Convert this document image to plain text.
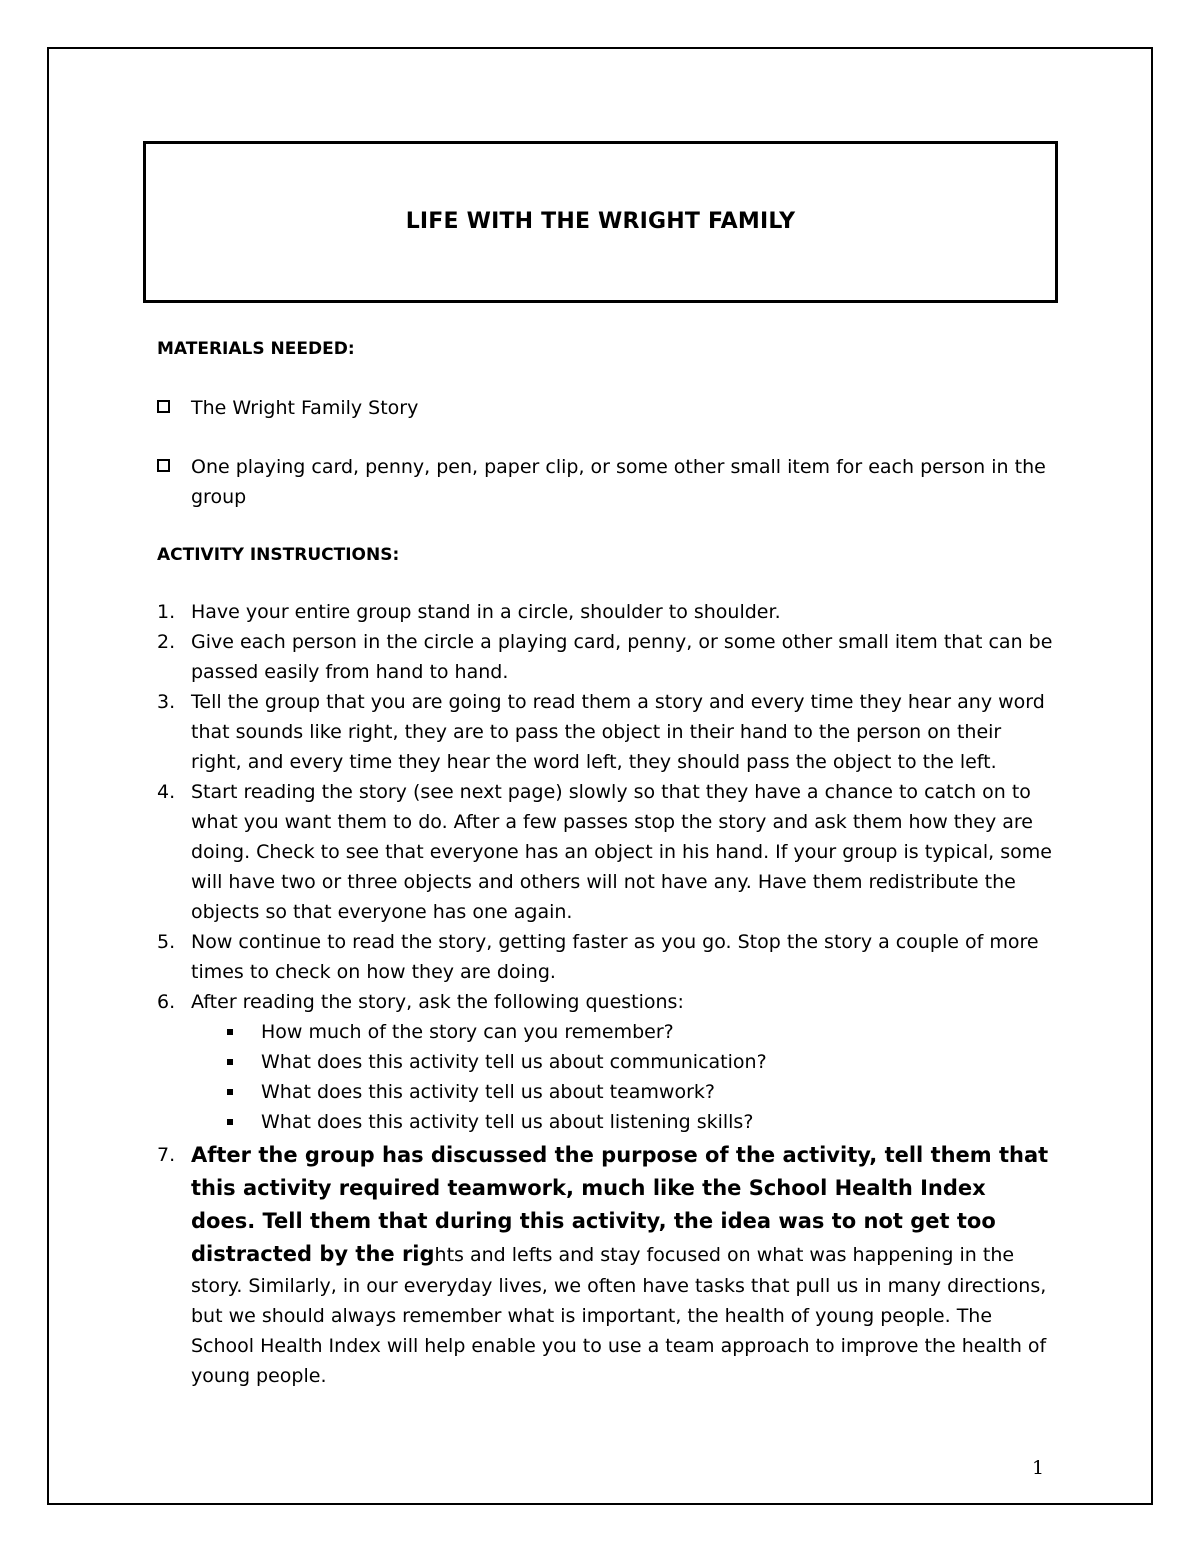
LIFE WITH THE WRIGHT FAMILY
MATERIALS NEEDED:
The Wright Family Story
One playing card, penny, pen, paper clip, or some other small item for each person in the group
ACTIVITY INSTRUCTIONS:
1. Have your entire group stand in a circle, shoulder to shoulder.
2. Give each person in the circle a playing card, penny, or some other small item that can be passed easily from hand to hand.
3. Tell the group that you are going to read them a story and every time they hear any word that sounds like right, they are to pass the object in their hand to the person on their right, and every time they hear the word left, they should pass the object to the left.
4. Start reading the story (see next page) slowly so that they have a chance to catch on to what you want them to do. After a few passes stop the story and ask them how they are doing. Check to see that everyone has an object in his hand. If your group is typical, some will have two or three objects and others will not have any. Have them redistribute the objects so that everyone has one again.
5. Now continue to read the story, getting faster as you go. Stop the story a couple of more times to check on how they are doing.
6. After reading the story, ask the following questions:
How much of the story can you remember?
What does this activity tell us about communication?
What does this activity tell us about teamwork?
What does this activity tell us about listening skills?
7. After the group has discussed the purpose of the activity, tell them that this activity required teamwork, much like the School Health Index does. Tell them that during this activity, the idea was to not get too distracted by the rights and lefts and stay focused on what was happening in the story. Similarly, in our everyday lives, we often have tasks that pull us in many directions, but we should always remember what is important, the health of young people. The School Health Index will help enable you to use a team approach to improve the health of young people.
1
